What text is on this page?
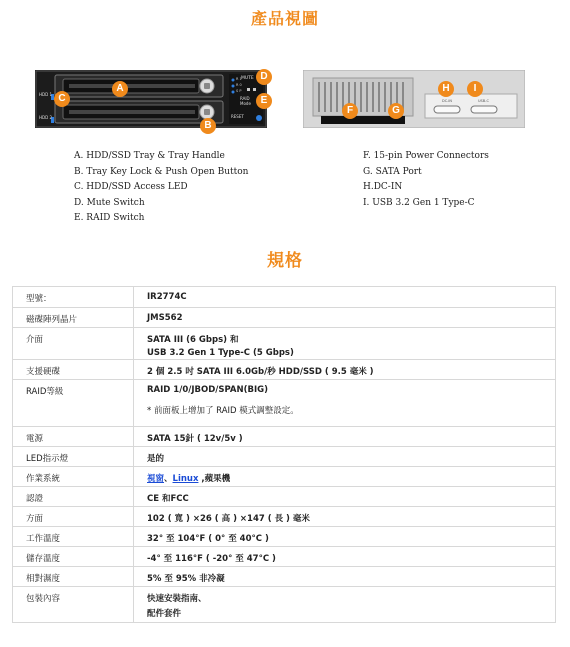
產品視圖
HDD 1
HDD 2
MUTE
R 1
R 0
S P
RAID
Mode
RESET
A
B
C
D
E	DC-IN	USB-C
F	G
H	I
A. HDD/SSD Tray & Tray Handle
B. Tray Key Lock & Push Open Button
C. HDD/SSD Access LED
D. Mute Switch
E. RAID Switch
F. 15-pin Power Connectors
G. SATA Port
H.DC-IN
I. USB 3.2 Gen 1 Type-C
規格
型號：	IR2774C
磁碟陣列晶片	JMS562
介面	SATA III (6 Gbps) 和
USB 3.2 Gen 1 Type-C (5 Gbps)

支援硬碟	2 個 2.5 吋 SATA III 6.0Gb/秒 HDD/SSD ( 9.5 毫米 )
RAID等級	RAID 1/0/JBOD/SPAN(BIG)
* 前面板上增加了 RAID 模式調整設定。

電源	SATA 15針 ( 12v/5v )
LED指示燈	是的
作業系統	視窗、Linux ,蘋果機
認證	CE 和FCC
方面	102 ( 寬 ) ×26 ( 高 ) ×147 ( 長 ) 毫米
工作溫度	32° 至 104°F ( 0° 至 40°C )
儲存溫度	-4° 至 116°F ( -20° 至 47°C )
相對濕度	5% 至 95% 非冷凝
包裝內容	快速安裝指南、
配件套件
